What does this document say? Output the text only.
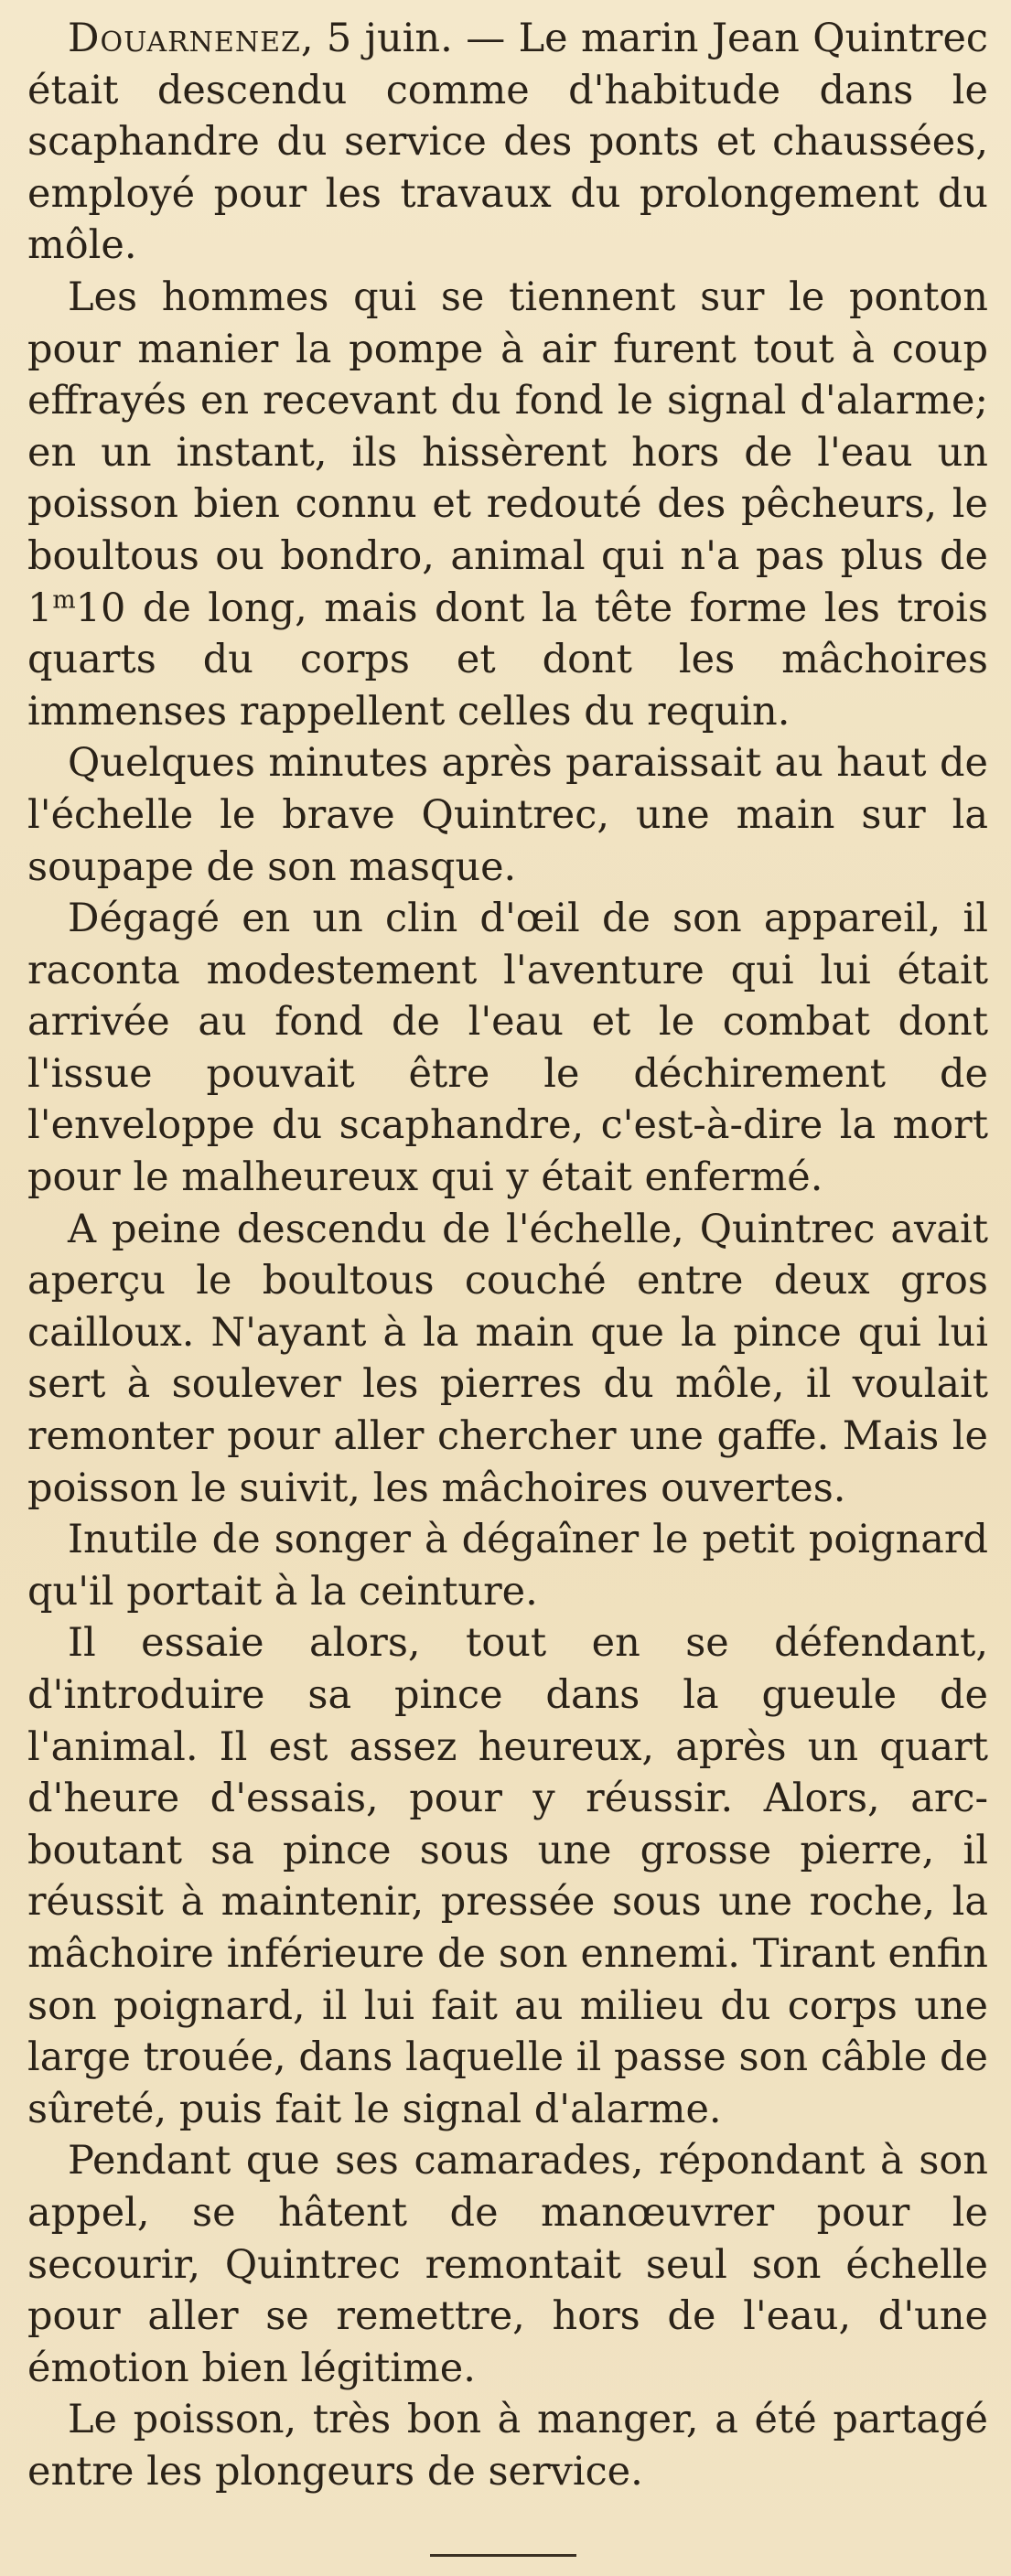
Douarnenez, 5 juin. — Le marin Jean Quintrec était descendu comme d'habitude dans le scaphandre du service des ponts et chaussées, employé pour les travaux du prolongement du môle.

Les hommes qui se tiennent sur le ponton pour manier la pompe à air furent tout à coup effrayés en recevant du fond le signal d'alarme; en un instant, ils hissèrent hors de l'eau un poisson bien connu et redouté des pêcheurs, le boultous ou bondro, animal qui n'a pas plus de 1$^m$10 de long, mais dont la tête forme les trois quarts du corps et dont les mâchoires immenses rappellent celles du requin.

Quelques minutes après paraissait au haut de l'échelle le brave Quintrec, une main sur la soupape de son masque.

Dégagé en un clin d'œil de son appareil, il raconta modestement l'aventure qui lui était arrivée au fond de l'eau et le combat dont l'issue pouvait être le déchirement de l'enveloppe du scaphandre, c'est-à-dire la mort pour le malheureux qui y était enfermé.

A peine descendu de l'échelle, Quintrec avait aperçu le boultous couché entre deux gros cailloux. N'ayant à la main que la pince qui lui sert à soulever les pierres du môle, il voulait remonter pour aller chercher une gaffe. Mais le poisson le suivit, les mâchoires ouvertes.

Inutile de songer à dégaîner le petit poignard qu'il portait à la ceinture.

Il essaie alors, tout en se défendant, d'introduire sa pince dans la gueule de l'animal. Il est assez heureux, après un quart d'heure d'essais, pour y réussir. Alors, arc-boutant sa pince sous une grosse pierre, il réussit à maintenir, pressée sous une roche, la mâchoire inférieure de son ennemi. Tirant enfin son poignard, il lui fait au milieu du corps une large trouée, dans laquelle il passe son câble de sûreté, puis fait le signal d'alarme.

Pendant que ses camarades, répondant à son appel, se hâtent de manœuvrer pour le secourir, Quintrec remontait seul son échelle pour aller se remettre, hors de l'eau, d'une émotion bien légitime.

Le poisson, très bon à manger, a été partagé entre les plongeurs de service.
